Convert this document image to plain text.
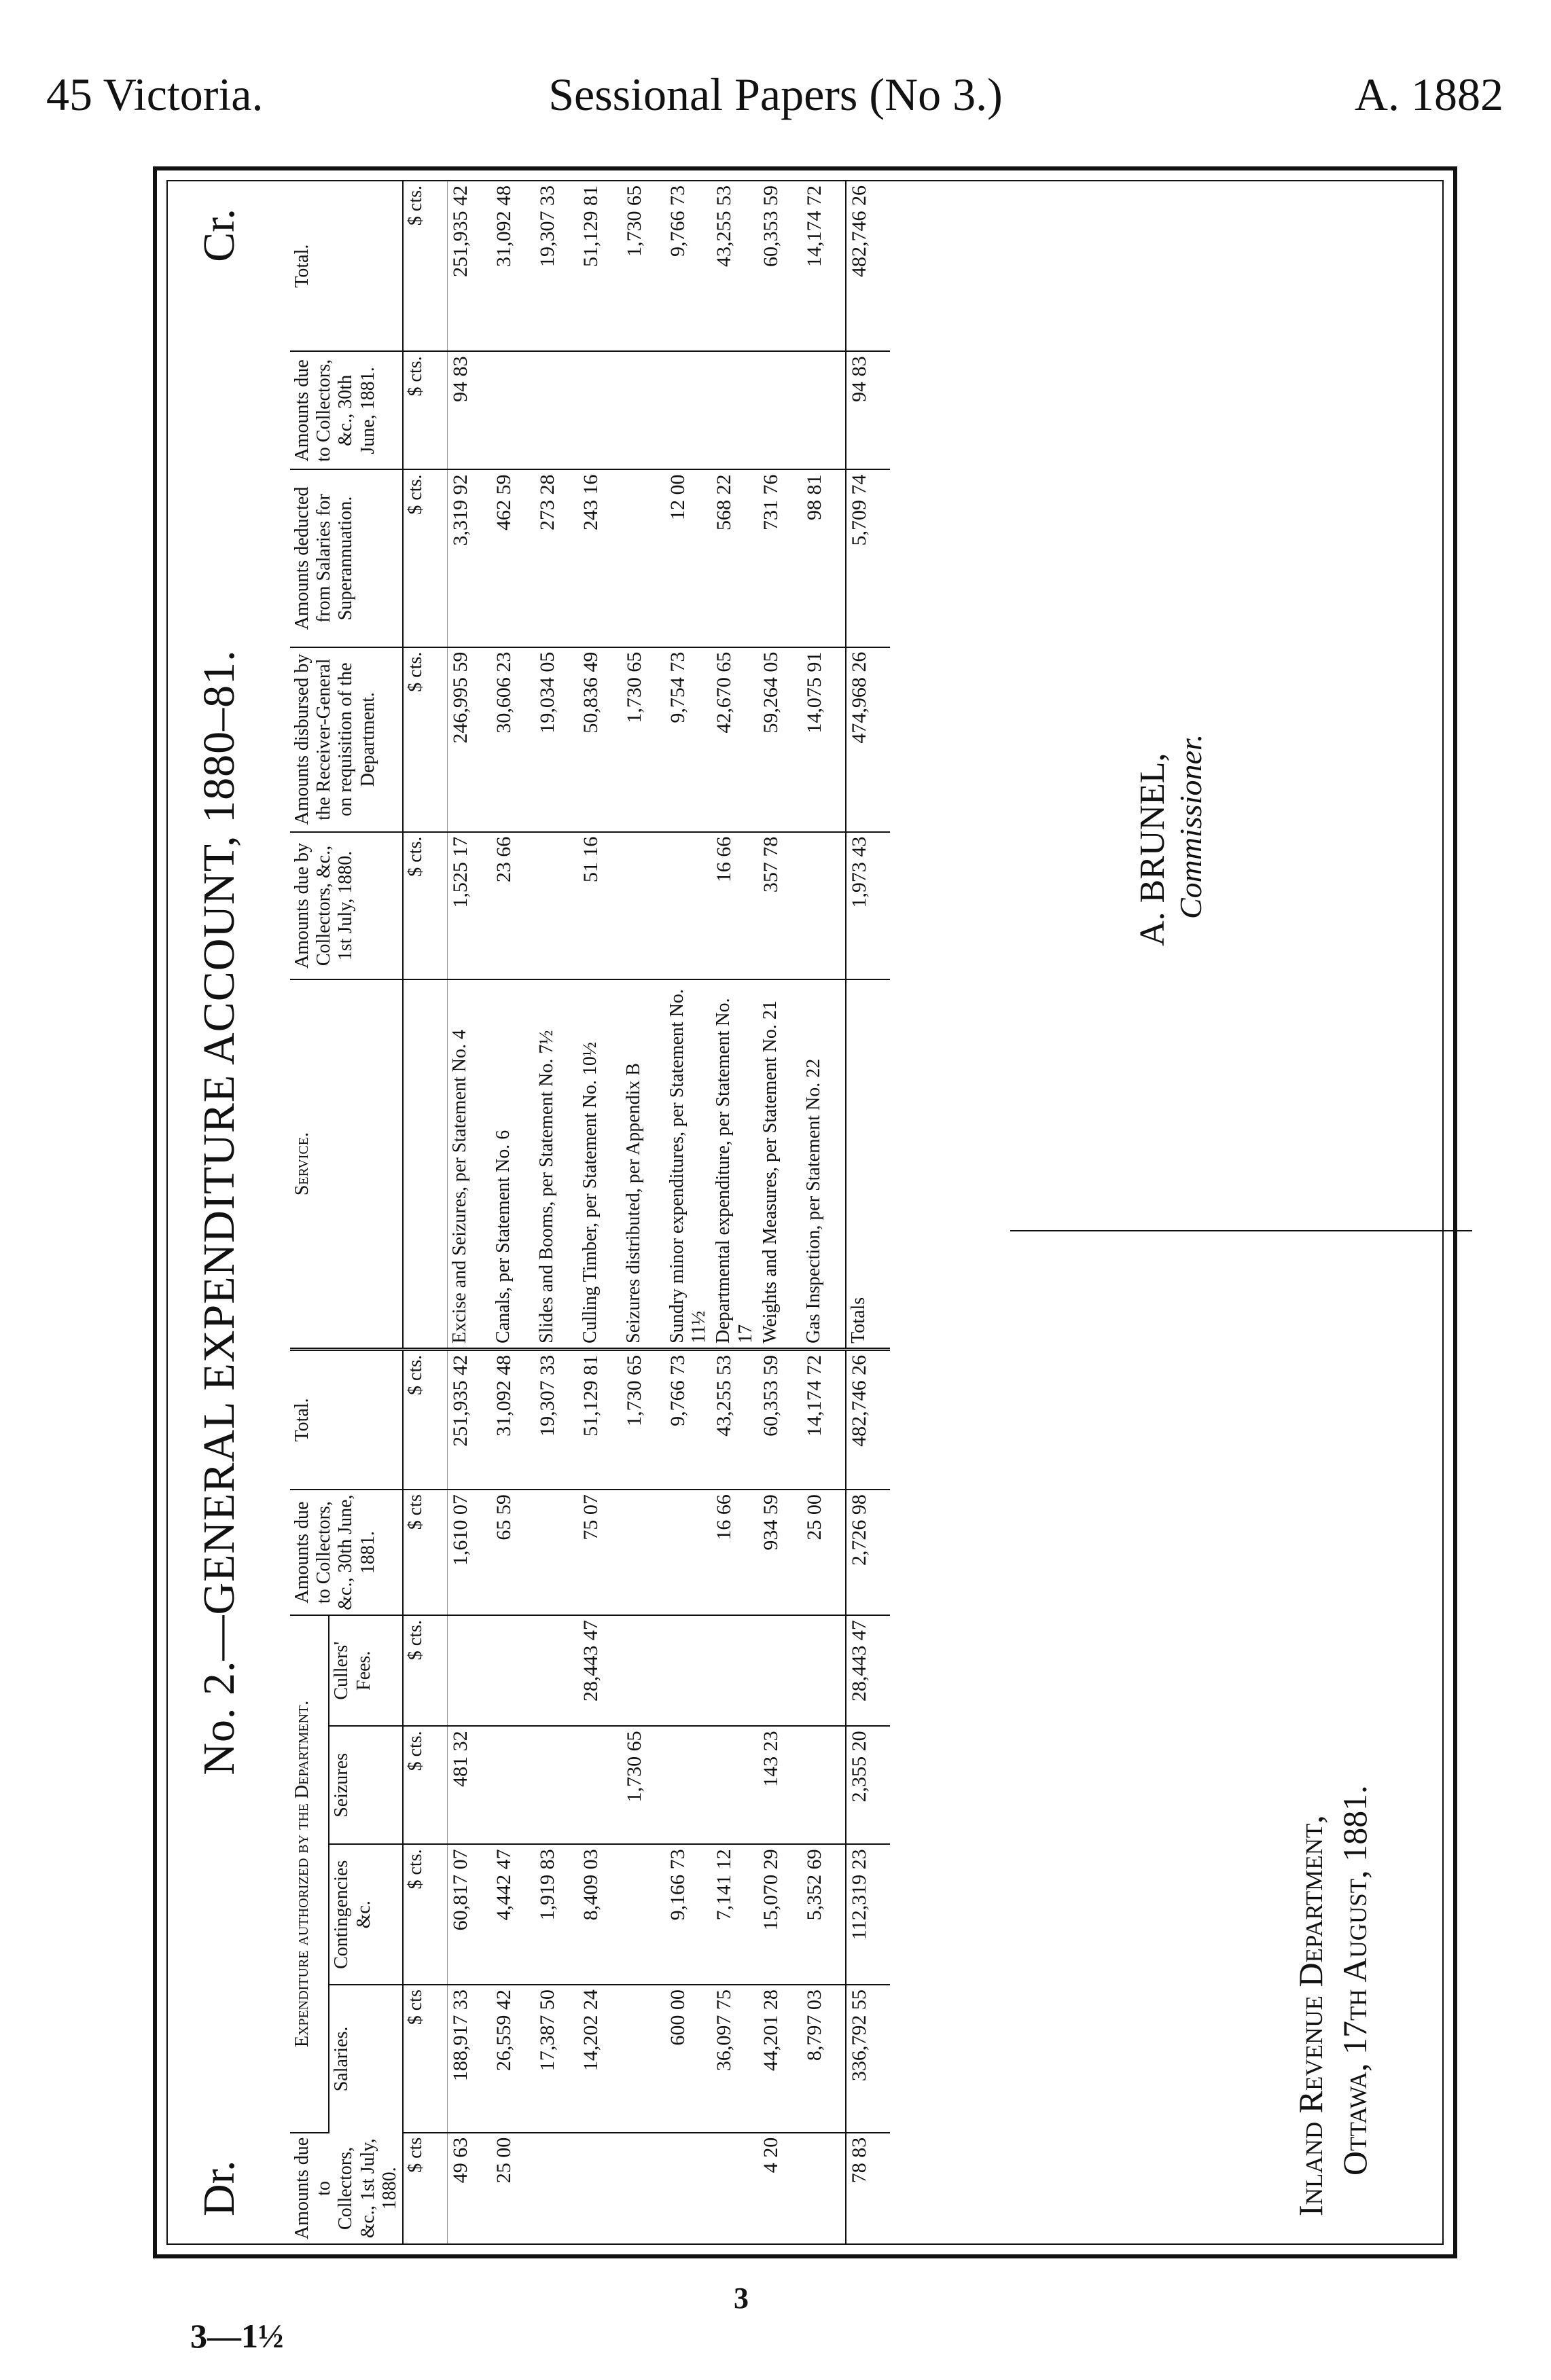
45 Victoria.	Sessional Papers (No 3.)	A. 1882
Dr.
No. 2.—GENERAL EXPENDITURE ACCOUNT, 1880–81.
Cr.
Amounts due to Collectors, &c., 1st July, 1880.	Expenditure authorized by the Department.				Amounts due to Collectors, &c., 30th June, 1881.	Total.	Service.	Amounts due by Collectors, &c., 1st July, 1880.	Amounts disbursed by the Receiver-General on requisition of the Department.	Amounts deducted from Salaries for Superannuation.	Amounts due to Collectors, &c., 30th June, 1881.	Total.
	Salaries.	Contingencies &c.	Seizures	Cullers' Fees.								
$ cts	$ cts	$ cts.	$ cts.	$ cts.	$ cts	$ cts.		$ cts.	$ cts.	$ cts.	$ cts.	$ cts.
49 63	188,917 33	60,817 07	481 32		1,610 07	251,935 42	Excise and Seizures, per Statement No. 4	1,525 17	246,995 59	3,319 92	94 83	251,935 42
25 00	26,559 42	4,442 47			65 59	31,092 48	Canals, per Statement No. 6	23 66	30,606 23	462 59		31,092 48
	17,387 50	1,919 83				19,307 33	Slides and Booms, per Statement No. 7½		19,034 05	273 28		19,307 33
	14,202 24	8,409 03		28,443 47	75 07	51,129 81	Culling Timber, per Statement No. 10½	51 16	50,836 49	243 16		51,129 81
			1,730 65			1,730 65	Seizures distributed, per Appendix B		1,730 65			1,730 65
	600 00	9,166 73				9,766 73	Sundry minor expenditures, per Statement No. 11½		9,754 73	12 00		9,766 73
	36,097 75	7,141 12			16 66	43,255 53	Departmental expenditure, per Statement No. 17	16 66	42,670 65	568 22		43,255 53
4 20	44,201 28	15,070 29	143 23		934 59	60,353 59	Weights and Measures, per Statement No. 21	357 78	59,264 05	731 76		60,353 59
	8,797 03	5,352 69			25 00	14,174 72	Gas Inspection, per Statement No. 22		14,075 91	98 81		14,174 72
78 83	336,792 55	112,319 23	2,355 20	28,443 47	2,726 98	482,746 26	Totals	1,973 43	474,968 26	5,709 74	94 83	482,746 26
A. BRUNEL, Commissioner.
Inland Revenue Department, Ottawa, 17th August, 1881.
3
3—1½
